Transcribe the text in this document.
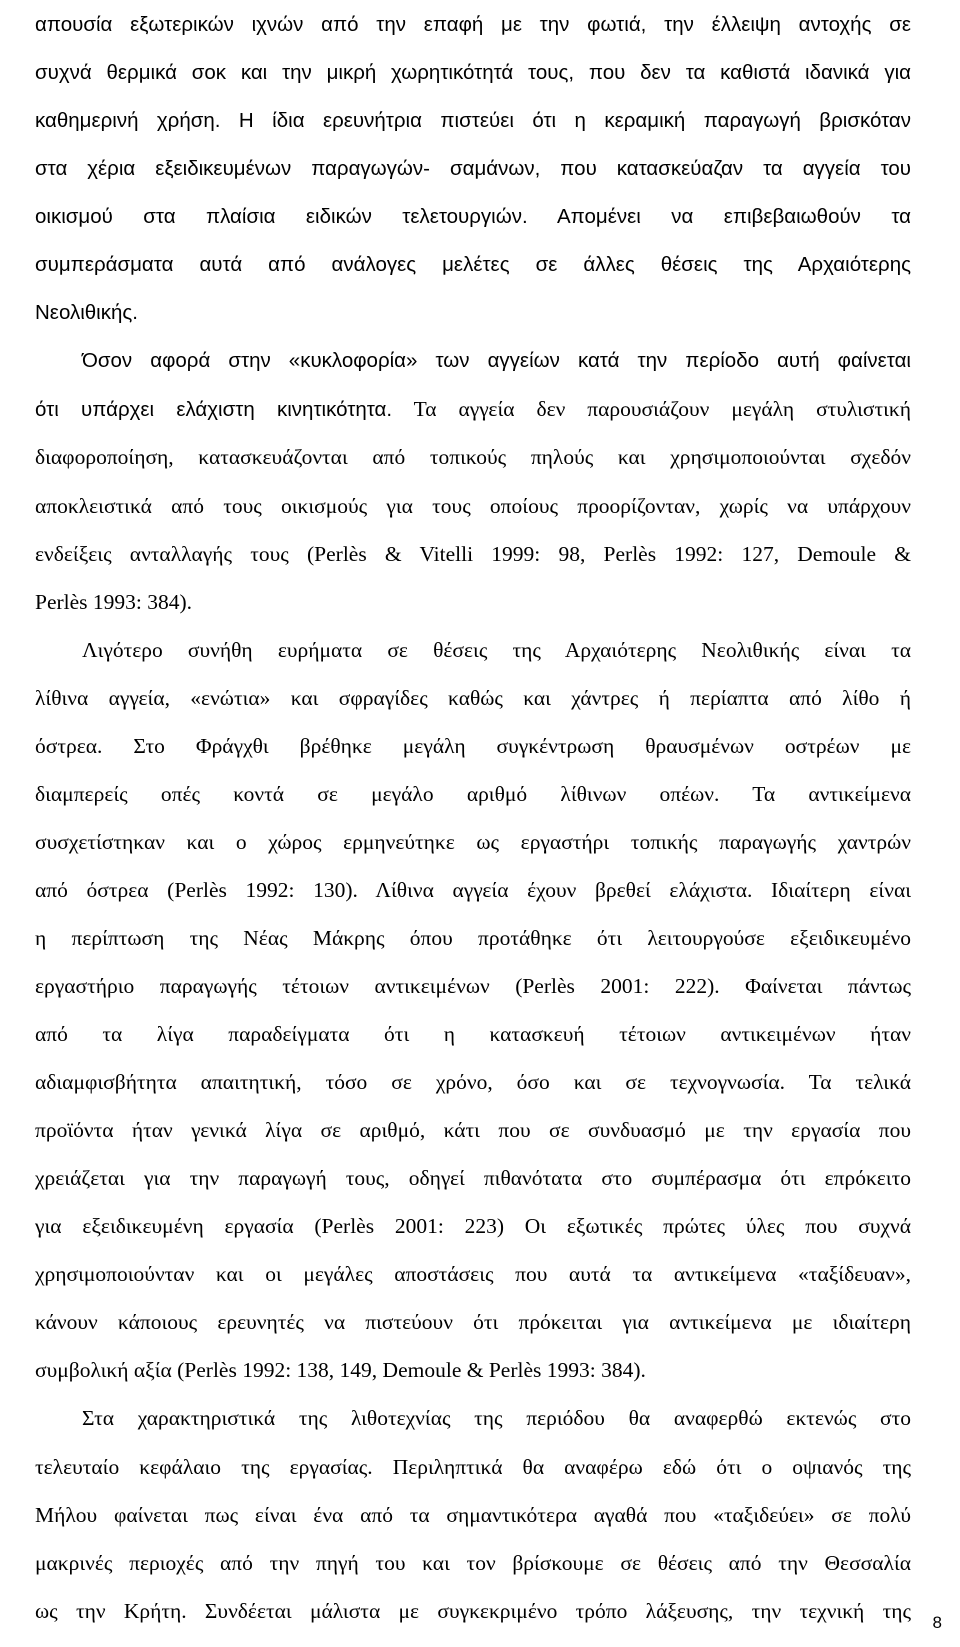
απουσία εξωτερικών ιχνών από την επαφή με την φωτιά, την έλλειψη αντοχής σε
συχνά θερμικά σοκ και την μικρή χωρητικότητά τους, που δεν τα καθιστά ιδανικά για
καθημερινή χρήση. Η ίδια ερευνήτρια πιστεύει ότι η κεραμική παραγωγή βρισκόταν
στα χέρια εξειδικευμένων παραγωγών- σαμάνων, που κατασκεύαζαν τα αγγεία του
οικισμού στα πλαίσια ειδικών τελετουργιών. Απομένει να επιβεβαιωθούν τα
συμπεράσματα αυτά από ανάλογες μελέτες σε άλλες θέσεις της Αρχαιότερης
Νεολιθικής.
Όσον αφορά στην «κυκλοφορία» των αγγείων κατά την περίοδο αυτή φαίνεται
ότι υπάρχει ελάχιστη κινητικότητα. Τα αγγεία δεν παρουσιάζουν μεγάλη στυλιστική
διαφοροποίηση, κατασκευάζονται από τοπικούς πηλούς και χρησιμοποιούνται σχεδόν
αποκλειστικά από τους οικισμούς για τους οποίους προορίζονταν, χωρίς να υπάρχουν
ενδείξεις ανταλλαγής τους (Perlès & Vitelli 1999: 98, Perlès 1992: 127, Demoule &
Perlès 1993: 384).
Λιγότερο συνήθη ευρήματα σε θέσεις της Αρχαιότερης Νεολιθικής είναι τα
λίθινα αγγεία, «ενώτια» και σφραγίδες καθώς και χάντρες ή περίαπτα από λίθο ή
όστρεα. Στο Φράγχθι βρέθηκε μεγάλη συγκέντρωση θραυσμένων οστρέων με
διαμπερείς οπές κοντά σε μεγάλο αριθμό λίθινων οπέων. Τα αντικείμενα
συσχετίστηκαν και ο χώρος ερμηνεύτηκε ως εργαστήρι τοπικής παραγωγής χαντρών
από όστρεα (Perlès 1992: 130). Λίθινα αγγεία έχουν βρεθεί ελάχιστα. Ιδιαίτερη είναι
η περίπτωση της Νέας Μάκρης όπου προτάθηκε ότι λειτουργούσε εξειδικευμένο
εργαστήριο παραγωγής τέτοιων αντικειμένων (Perlès 2001: 222). Φαίνεται πάντως
από τα λίγα παραδείγματα ότι η κατασκευή τέτοιων αντικειμένων ήταν
αδιαμφισβήτητα απαιτητική, τόσο σε χρόνο, όσο και σε τεχνογνωσία. Τα τελικά
προϊόντα ήταν γενικά λίγα σε αριθμό, κάτι που σε συνδυασμό με την εργασία που
χρειάζεται για την παραγωγή τους, οδηγεί πιθανότατα στο συμπέρασμα ότι επρόκειτο
για εξειδικευμένη εργασία (Perlès 2001: 223) Οι εξωτικές πρώτες ύλες που συχνά
χρησιμοποιούνταν και οι μεγάλες αποστάσεις που αυτά τα αντικείμενα «ταξίδευαν»,
κάνουν κάποιους ερευνητές να πιστεύουν ότι πρόκειται για αντικείμενα με ιδιαίτερη
συμβολική αξία (Perlès 1992: 138, 149, Demoule & Perlès 1993: 384).
Στα χαρακτηριστικά της λιθοτεχνίας της περιόδου θα αναφερθώ εκτενώς στο
τελευταίο κεφάλαιο της εργασίας. Περιληπτικά θα αναφέρω εδώ ότι ο οψιανός της
Μήλου φαίνεται πως είναι ένα από τα σημαντικότερα αγαθά που «ταξιδεύει» σε πολύ
μακρινές περιοχές από την πηγή του και τον βρίσκουμε σε θέσεις από την Θεσσαλία
ως την Κρήτη. Συνδέεται μάλιστα με συγκεκριμένο τρόπο λάξευσης, την τεχνική της 8
